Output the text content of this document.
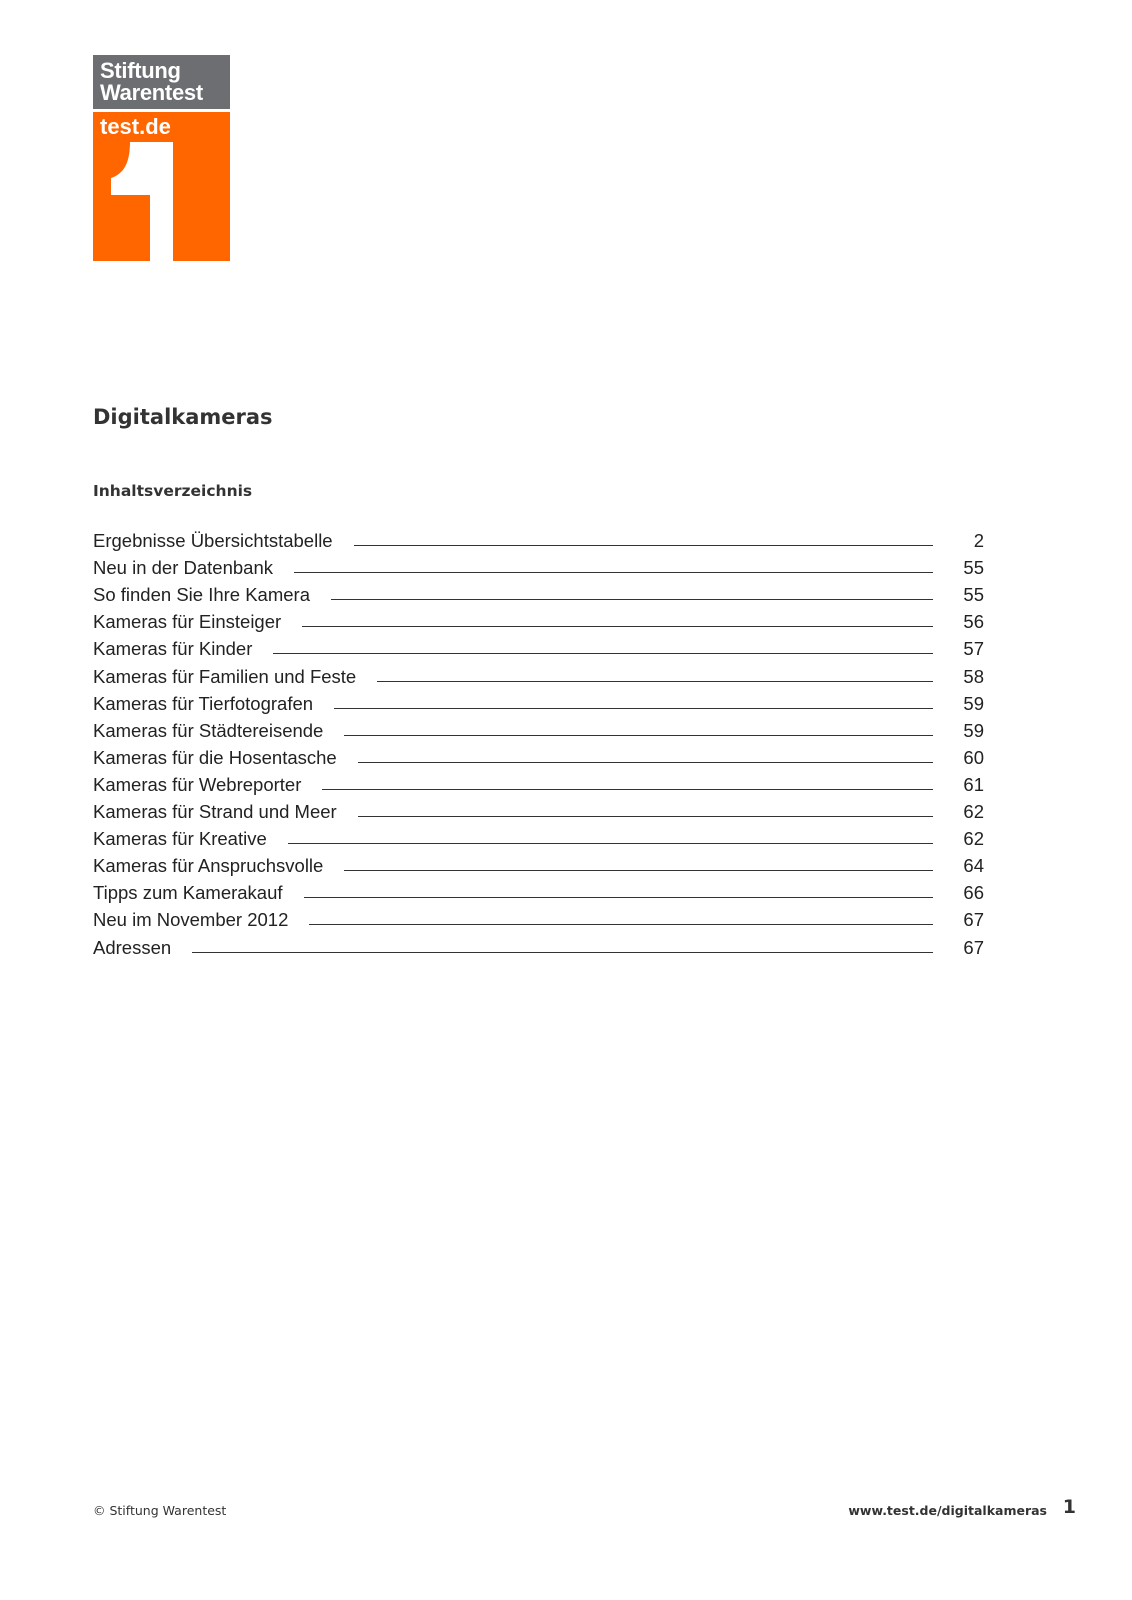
Stiftung
Warentest
test.de
Digitalkameras
Inhaltsverzeichnis
Ergebnisse Übersichtstabelle	2
Neu in der Datenbank	55
So finden Sie Ihre Kamera	55
Kameras für Einsteiger	56
Kameras für Kinder	57
Kameras für Familien und Feste	58
Kameras für Tierfotografen	59
Kameras für Städtereisende	59
Kameras für die Hosentasche	60
Kameras für Webreporter	61
Kameras für Strand und Meer	62
Kameras für Kreative	62
Kameras für Anspruchsvolle	64
Tipps zum Kamerakauf	66
Neu im November 2012	67
Adressen	67
© Stiftung Warentest	www.test.de/digitalkameras 1
